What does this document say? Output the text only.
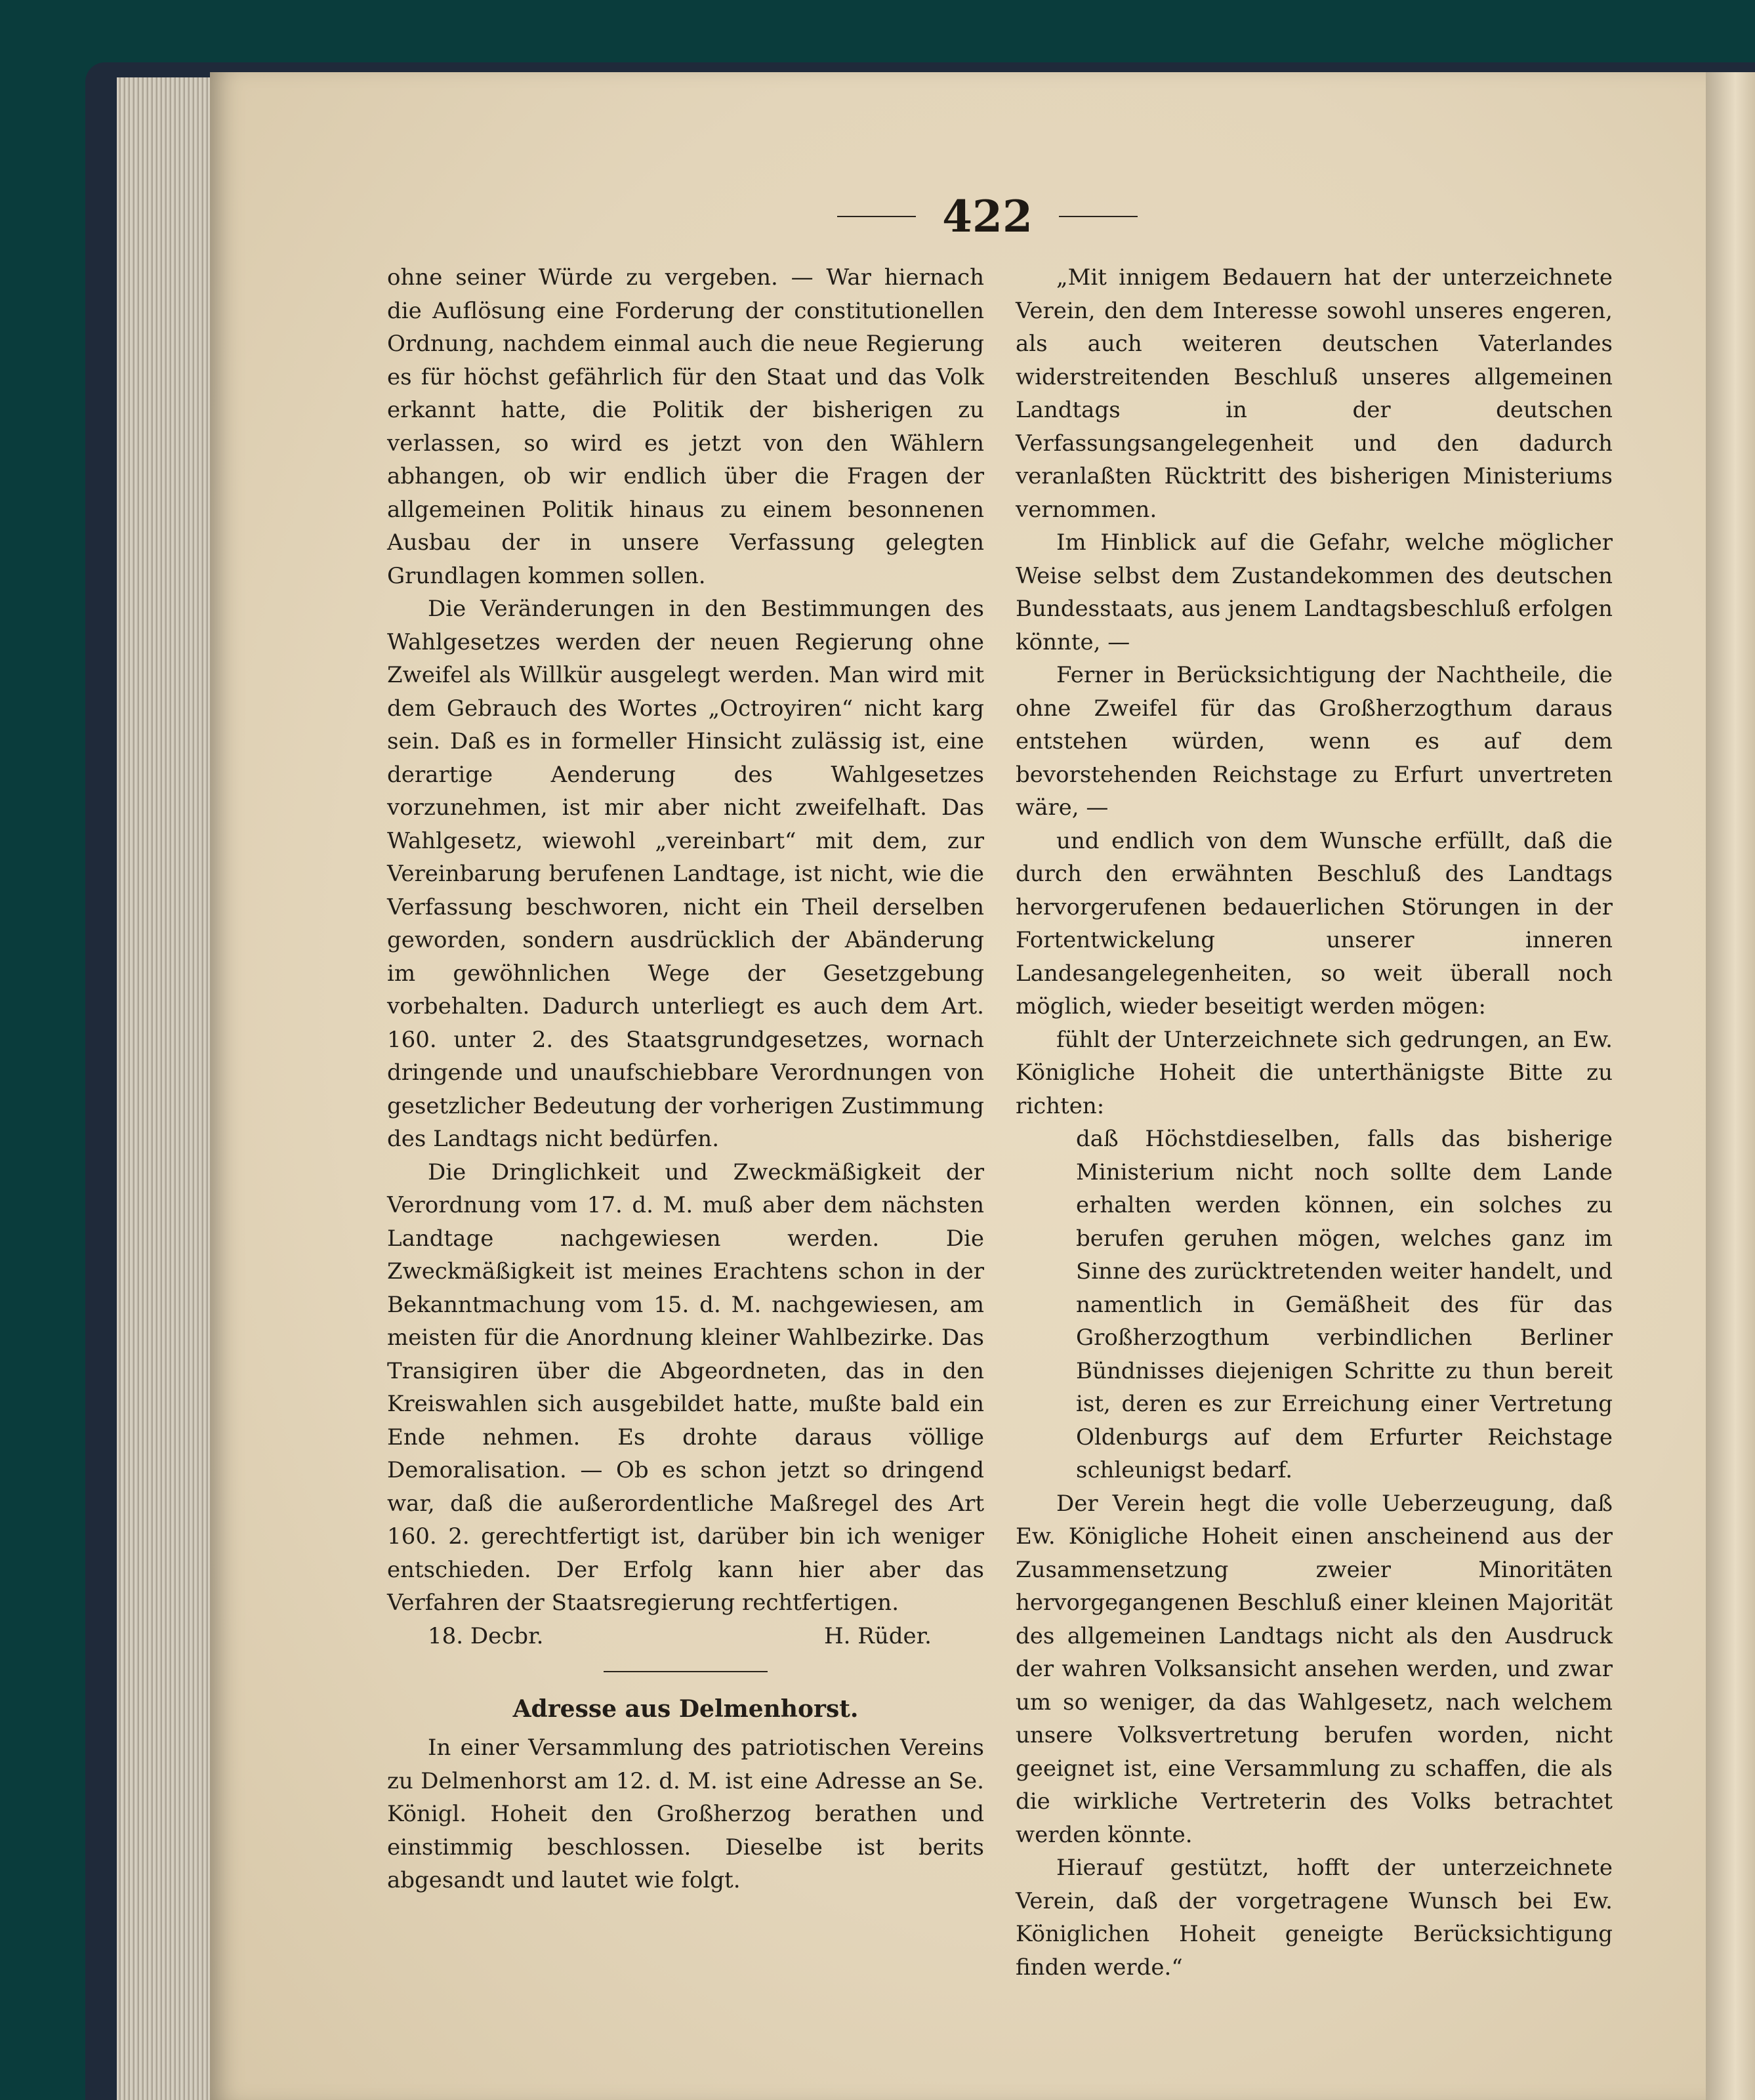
422

ohne seiner Würde zu vergeben. — War hiernach die Auflösung eine Forderung der constitutionellen Ordnung, nachdem einmal auch die neue Regierung es für höchst gefährlich für den Staat und das Volk erkannt hatte, die Politik der bisherigen zu verlassen, so wird es jetzt von den Wählern abhangen, ob wir endlich über die Fragen der allgemeinen Politik hinaus zu einem besonnenen Ausbau der in unsere Verfassung gelegten Grundlagen kommen sollen.

Die Veränderungen in den Bestimmungen des Wahlgesetzes werden der neuen Regierung ohne Zweifel als Willkür ausgelegt werden. Man wird mit dem Gebrauch des Wortes „Octroyiren“ nicht karg sein. Daß es in formeller Hinsicht zulässig ist, eine derartige Aenderung des Wahlgesetzes vorzunehmen, ist mir aber nicht zweifelhaft. Das Wahlgesetz, wiewohl „vereinbart“ mit dem, zur Vereinbarung berufenen Landtage, ist nicht, wie die Verfassung beschworen, nicht ein Theil derselben geworden, sondern ausdrücklich der Abänderung im gewöhnlichen Wege der Gesetzgebung vorbehalten. Dadurch unterliegt es auch dem Art. 160. unter 2. des Staatsgrundgesetzes, wornach dringende und unaufschiebbare Verordnungen von gesetzlicher Bedeutung der vorherigen Zustimmung des Landtags nicht bedürfen.

Die Dringlichkeit und Zweckmäßigkeit der Verordnung vom 17. d. M. muß aber dem nächsten Landtage nachgewiesen werden. Die Zweckmäßigkeit ist meines Erachtens schon in der Bekanntmachung vom 15. d. M. nachgewiesen, am meisten für die Anordnung kleiner Wahlbezirke. Das Transigiren über die Abgeordneten, das in den Kreiswahlen sich ausgebildet hatte, mußte bald ein Ende nehmen. Es drohte daraus völlige Demoralisation. — Ob es schon jetzt so dringend war, daß die außerordentliche Maßregel des Art 160. 2. gerechtfertigt ist, darüber bin ich weniger entschieden. Der Erfolg kann hier aber das Verfahren der Staatsregierung rechtfertigen.

18. Decbr.	H. Rüder.
Adresse aus Delmenhorst.

In einer Versammlung des patriotischen Vereins zu Delmenhorst am 12. d. M. ist eine Adresse an Se. Königl. Hoheit den Großherzog berathen und einstimmig beschlossen. Dieselbe ist berits abgesandt und lautet wie folgt.

„Mit innigem Bedauern hat der unterzeichnete Verein, den dem Interesse sowohl unseres engeren, als auch weiteren deutschen Vaterlandes widerstreitenden Beschluß unseres allgemeinen Landtags in der deutschen Verfassungsangelegenheit und den dadurch veranlaßten Rücktritt des bisherigen Ministeriums vernommen.

Im Hinblick auf die Gefahr, welche möglicher Weise selbst dem Zustandekommen des deutschen Bundesstaats, aus jenem Landtagsbeschluß erfolgen könnte, —

Ferner in Berücksichtigung der Nachtheile, die ohne Zweifel für das Großherzogthum daraus entstehen würden, wenn es auf dem bevorstehenden Reichstage zu Erfurt unvertreten wäre, —

und endlich von dem Wunsche erfüllt, daß die durch den erwähnten Beschluß des Landtags hervorgerufenen bedauerlichen Störungen in der Fortentwickelung unserer inneren Landesangelegenheiten, so weit überall noch möglich, wieder beseitigt werden mögen:

fühlt der Unterzeichnete sich gedrungen, an Ew. Königliche Hoheit die unterthänigste Bitte zu richten:

daß Höchstdieselben, falls das bisherige Ministerium nicht noch sollte dem Lande erhalten werden können, ein solches zu berufen geruhen mögen, welches ganz im Sinne des zurücktretenden weiter handelt, und namentlich in Gemäßheit des für das Großherzogthum verbindlichen Berliner Bündnisses diejenigen Schritte zu thun bereit ist, deren es zur Erreichung einer Vertretung Oldenburgs auf dem Erfurter Reichstage schleunigst bedarf.

Der Verein hegt die volle Ueberzeugung, daß Ew. Königliche Hoheit einen anscheinend aus der Zusammensetzung zweier Minoritäten hervorgegangenen Beschluß einer kleinen Majorität des allgemeinen Landtags nicht als den Ausdruck der wahren Volksansicht ansehen werden, und zwar um so weniger, da das Wahlgesetz, nach welchem unsere Volksvertretung berufen worden, nicht geeignet ist, eine Versammlung zu schaffen, die als die wirkliche Vertreterin des Volks betrachtet werden könnte.

Hierauf gestützt, hofft der unterzeichnete Verein, daß der vorgetragene Wunsch bei Ew. Königlichen Hoheit geneigte Berücksichtigung finden werde.“
